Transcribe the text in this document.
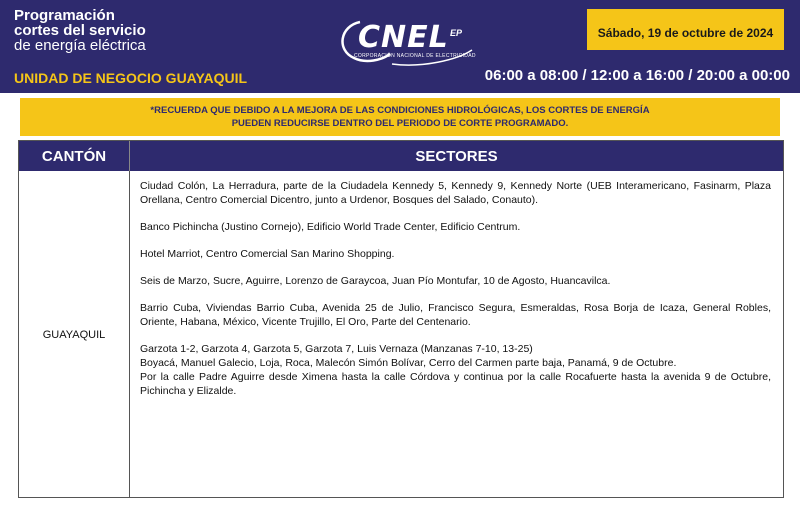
Programación
cortes del servicio
de energía eléctrica
UNIDAD DE NEGOCIO GUAYAQUIL
CNEL EP
CORPORACIÓN NACIONAL DE ELECTRICIDAD
Sábado, 19 de octubre de 2024
06:00 a 08:00 / 12:00 a 16:00 / 20:00 a 00:00
*RECUERDA QUE DEBIDO A LA MEJORA DE LAS CONDICIONES HIDROLÓGICAS, LOS CORTES DE ENERGÍA
PUEDEN REDUCIRSE DENTRO DEL PERIODO DE CORTE PROGRAMADO.
CANTÓN	SECTORES
GUAYAQUIL

Ciudad Colón, La Herradura, parte de la Ciudadela Kennedy 5, Kennedy 9, Kennedy Norte (UEB Interamericano, Fasinarm, Plaza Orellana, Centro Comercial Dicentro, junto a Urdenor, Bosques del Salado, Conauto).

Banco Pichincha (Justino Cornejo), Edificio World Trade Center, Edificio Centrum.

Hotel Marriot, Centro Comercial San Marino Shopping.

Seis de Marzo, Sucre, Aguirre, Lorenzo de Garaycoa, Juan Pío Montufar, 10 de Agosto, Huancavilca.

Barrio Cuba, Viviendas Barrio Cuba, Avenida 25 de Julio, Francisco Segura, Esmeraldas, Rosa Borja de Icaza, General Robles, Oriente, Habana, México, Vicente Trujillo, El Oro, Parte del Centenario.

Garzota 1-2, Garzota 4, Garzota 5, Garzota 7, Luis Vernaza (Manzanas 7-10, 13-25)

Boyacá, Manuel Galecio, Loja, Roca, Malecón Simón Bolívar, Cerro del Carmen parte baja, Panamá, 9 de Octubre.

Por la calle Padre Aguirre desde Ximena hasta la calle Córdova y continua por la calle Rocafuerte hasta la avenida 9 de Octubre, Pichincha y Elizalde.
